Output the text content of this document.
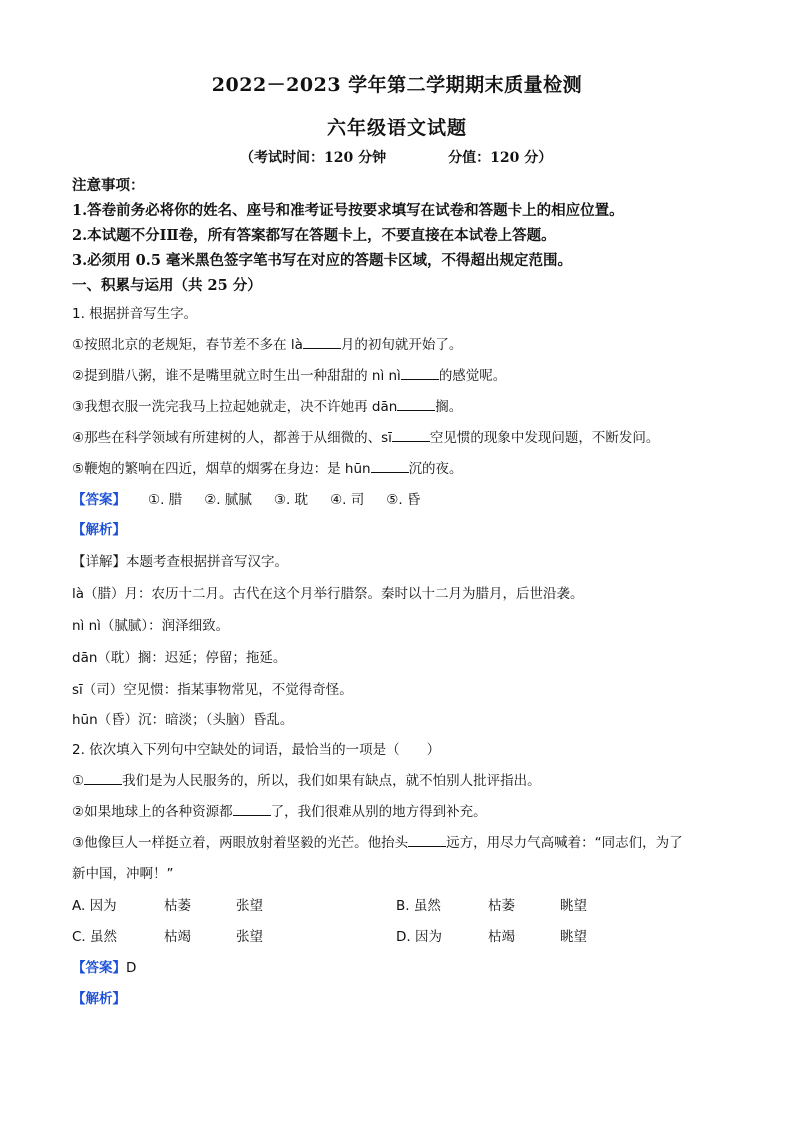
2022－2023 学年第二学期期末质量检测
六年级语文试题
（考试时间：120 分钟	分值：120 分）
注意事项：
1.答卷前务必将你的姓名、座号和准考证号按要求填写在试卷和答题卡上的相应位置。
2.本试题不分ⅠⅡ卷，所有答案都写在答题卡上，不要直接在本试卷上答题。
3.必须用 0.5 毫米黑色签字笔书写在对应的答题卡区域，不得超出规定范围。
一、积累与运用（共 25 分）
1. 根据拼音写生字。
①按照北京的老规矩，春节差不多在 là	月的初旬就开始了。
②提到腊八粥，谁不是嘴里就立时生出一种甜甜的 nì nì	的感觉呢。
③我想衣服一洗完我马上拉起她就走，决不许她再 dān	搁。
④那些在科学领域有所建树的人，都善于从细微的、sī	空见惯的现象中发现问题，不断发问。
⑤鞭炮的繁响在四近，烟草的烟雾在身边：是 hūn	沉的夜。
【答案】 ①. 腊 ②. 腻腻 ③. 耽 ④. 司 ⑤. 昏
【解析】
【详解】本题考查根据拼音写汉字。
là（腊）月：农历十二月。古代在这个月举行腊祭。秦时以十二月为腊月，后世沿袭。
nì nì（腻腻）：润泽细致。
dān（耽）搁：迟延；停留；拖延。
sī（司）空见惯：指某事物常见，不觉得奇怪。
hūn（昏）沉：暗淡；（头脑）昏乱。
2. 依次填入下列句中空缺处的词语，最恰当的一项是（　　）
①	我们是为人民服务的，所以，我们如果有缺点，就不怕别人批评指出。
②如果地球上的各种资源都	了，我们很难从别的地方得到补充。
③他像巨人一样挺立着，两眼放射着坚毅的光芒。他抬头	远方，用尽力气高喊着：“同志们，为了
新中国，冲啊！”
A. 因为	枯萎	张望	B. 虽然	枯萎	眺望
C. 虽然	枯竭	张望	D. 因为	枯竭	眺望
【答案】D
【解析】
